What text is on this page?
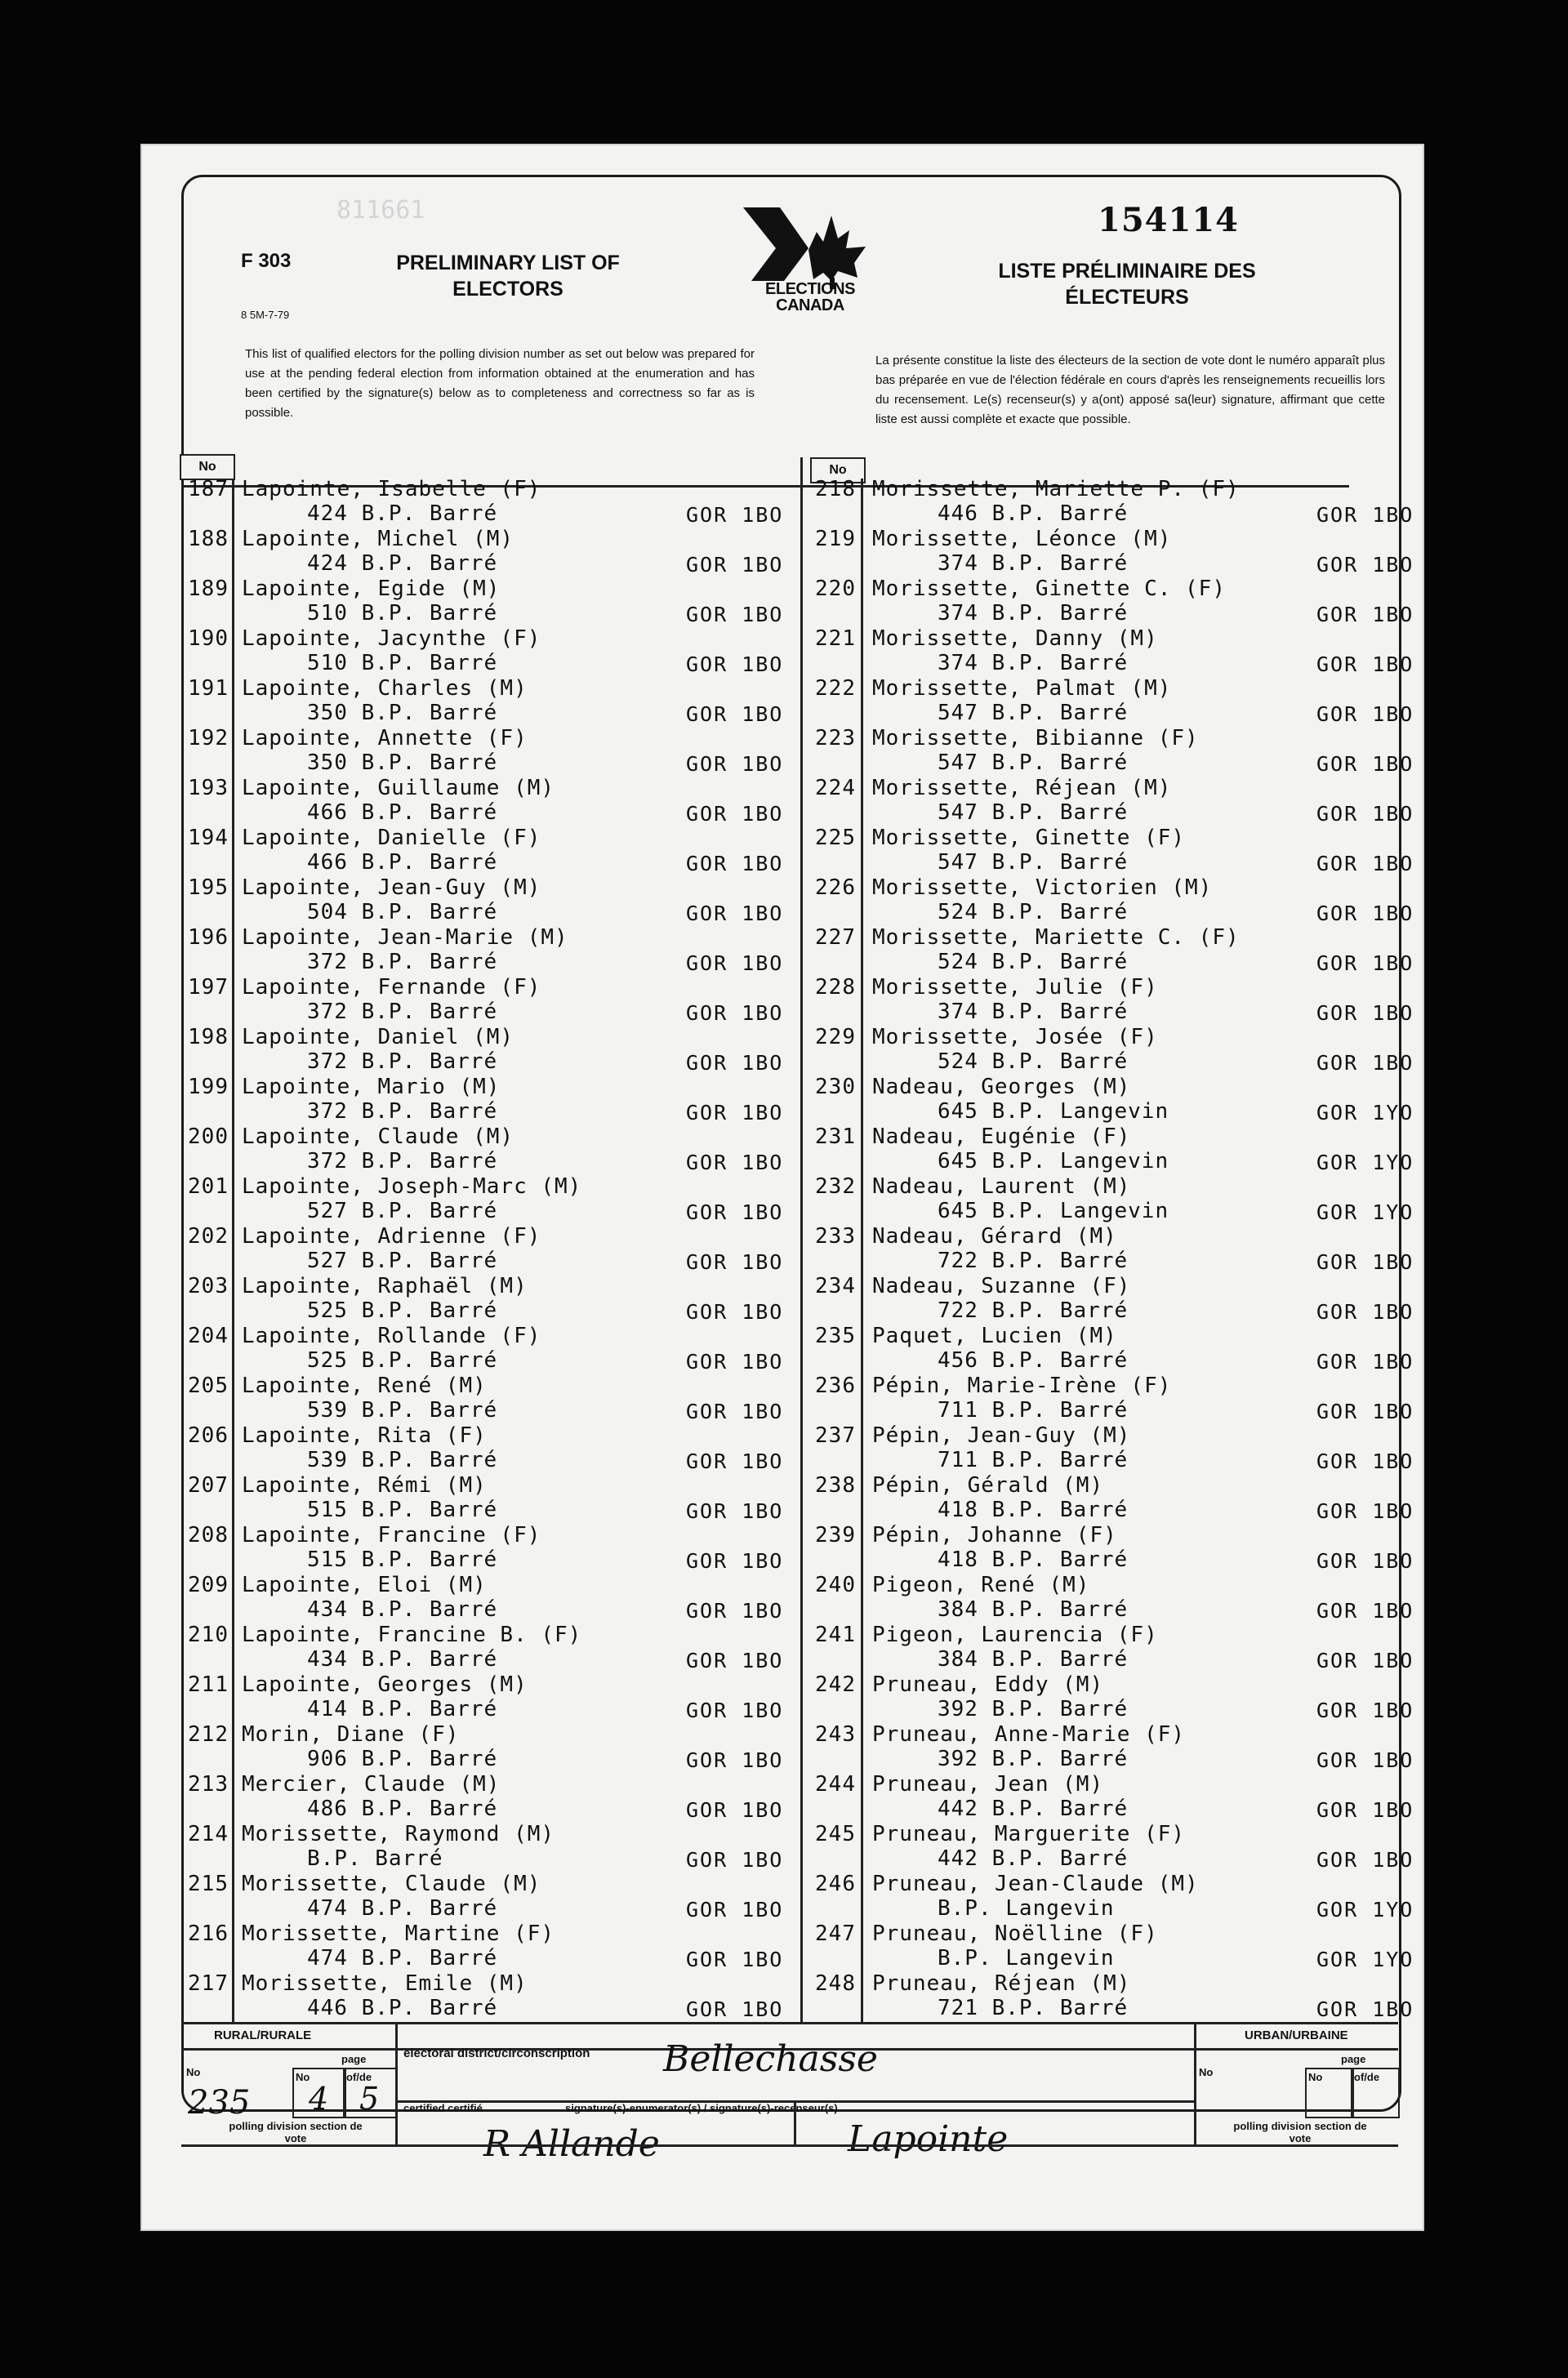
811661
F 303
8 5M-7-79
PRELIMINARY LIST OF ELECTORS
LISTE PRÉLIMINAIRE DES ÉLECTEURS
154114
ELECTIONS CANADA
This list of qualified electors for the polling division number as set out below was prepared for use at the pending federal election from information obtained at the enumeration and has been certified by the signature(s) below as to completeness and correctness so far as is possible.
La présente constitue la liste des électeurs de la section de vote dont le numéro apparaît plus bas préparée en vue de l'élection fédérale en cours d'après les renseignements recueillis lors du recensement. Le(s) recenseur(s) y a(ont) apposé sa(leur) signature, affirmant que cette liste est aussi complète et exacte que possible.
No	No
187 Lapointe, Isabelle (F)
424 B.P. Barré	GOR 1BO
188 Lapointe, Michel (M)
424 B.P. Barré	GOR 1BO
189 Lapointe, Egide (M)
510 B.P. Barré	GOR 1BO
190 Lapointe, Jacynthe (F)
510 B.P. Barré	GOR 1BO
191 Lapointe, Charles (M)
350 B.P. Barré	GOR 1BO
192 Lapointe, Annette (F)
350 B.P. Barré	GOR 1BO
193 Lapointe, Guillaume (M)
466 B.P. Barré	GOR 1BO
194 Lapointe, Danielle (F)
466 B.P. Barré	GOR 1BO
195 Lapointe, Jean-Guy (M)
504 B.P. Barré	GOR 1BO
196 Lapointe, Jean-Marie (M)
372 B.P. Barré	GOR 1BO
197 Lapointe, Fernande (F)
372 B.P. Barré	GOR 1BO
198 Lapointe, Daniel (M)
372 B.P. Barré	GOR 1BO
199 Lapointe, Mario (M)
372 B.P. Barré	GOR 1BO
200 Lapointe, Claude (M)
372 B.P. Barré	GOR 1BO
201 Lapointe, Joseph-Marc (M)
527 B.P. Barré	GOR 1BO
202 Lapointe, Adrienne (F)
527 B.P. Barré	GOR 1BO
203 Lapointe, Raphaël (M)
525 B.P. Barré	GOR 1BO
204 Lapointe, Rollande (F)
525 B.P. Barré	GOR 1BO
205 Lapointe, René (M)
539 B.P. Barré	GOR 1BO
206 Lapointe, Rita (F)
539 B.P. Barré	GOR 1BO
207 Lapointe, Rémi (M)
515 B.P. Barré	GOR 1BO
208 Lapointe, Francine (F)
515 B.P. Barré	GOR 1BO
209 Lapointe, Eloi (M)
434 B.P. Barré	GOR 1BO
210 Lapointe, Francine B. (F)
434 B.P. Barré	GOR 1BO
211 Lapointe, Georges (M)
414 B.P. Barré	GOR 1BO
212 Morin, Diane (F)
906 B.P. Barré	GOR 1BO
213 Mercier, Claude (M)
486 B.P. Barré	GOR 1BO
214 Morissette, Raymond (M)
B.P. Barré	GOR 1BO
215 Morissette, Claude (M)
474 B.P. Barré	GOR 1BO
216 Morissette, Martine (F)
474 B.P. Barré	GOR 1BO
217 Morissette, Emile (M)
446 B.P. Barré	GOR 1BO
218 Morissette, Mariette P. (F)
446 B.P. Barré	GOR 1BO
219 Morissette, Léonce (M)
374 B.P. Barré	GOR 1BO
220 Morissette, Ginette C. (F)
374 B.P. Barré	GOR 1BO
221 Morissette, Danny (M)
374 B.P. Barré	GOR 1BO
222 Morissette, Palmat (M)
547 B.P. Barré	GOR 1BO
223 Morissette, Bibianne (F)
547 B.P. Barré	GOR 1BO
224 Morissette, Réjean (M)
547 B.P. Barré	GOR 1BO
225 Morissette, Ginette (F)
547 B.P. Barré	GOR 1BO
226 Morissette, Victorien (M)
524 B.P. Barré	GOR 1BO
227 Morissette, Mariette C. (F)
524 B.P. Barré	GOR 1BO
228 Morissette, Julie (F)
374 B.P. Barré	GOR 1BO
229 Morissette, Josée (F)
524 B.P. Barré	GOR 1BO
230 Nadeau, Georges (M)
645 B.P. Langevin	GOR 1YO
231 Nadeau, Eugénie (F)
645 B.P. Langevin	GOR 1YO
232 Nadeau, Laurent (M)
645 B.P. Langevin	GOR 1YO
233 Nadeau, Gérard (M)
722 B.P. Barré	GOR 1BO
234 Nadeau, Suzanne (F)
722 B.P. Barré	GOR 1BO
235 Paquet, Lucien (M)
456 B.P. Barré	GOR 1BO
236 Pépin, Marie-Irène (F)
711 B.P. Barré	GOR 1BO
237 Pépin, Jean-Guy (M)
711 B.P. Barré	GOR 1BO
238 Pépin, Gérald (M)
418 B.P. Barré	GOR 1BO
239 Pépin, Johanne (F)
418 B.P. Barré	GOR 1BO
240 Pigeon, René (M)
384 B.P. Barré	GOR 1BO
241 Pigeon, Laurencia (F)
384 B.P. Barré	GOR 1BO
242 Pruneau, Eddy (M)
392 B.P. Barré	GOR 1BO
243 Pruneau, Anne-Marie (F)
392 B.P. Barré	GOR 1BO
244 Pruneau, Jean (M)
442 B.P. Barré	GOR 1BO
245 Pruneau, Marguerite (F)
442 B.P. Barré	GOR 1BO
246 Pruneau, Jean-Claude (M)
B.P. Langevin	GOR 1YO
247 Pruneau, Noëlline (F)
B.P. Langevin	GOR 1YO
248 Pruneau, Réjean (M)
721 B.P. Barré	GOR 1BO
RURAL/RURALE
electoral district/circonscription Bellechasse
URBAN/URBAINE
No
page
235
No	of/de
4 5
polling division section de vote
certified certifié	signature(s)-enumerator(s) / signature(s)-recenseur(s)
R Allande	Lapointe
No
page
No	of/de
polling division section de vote
